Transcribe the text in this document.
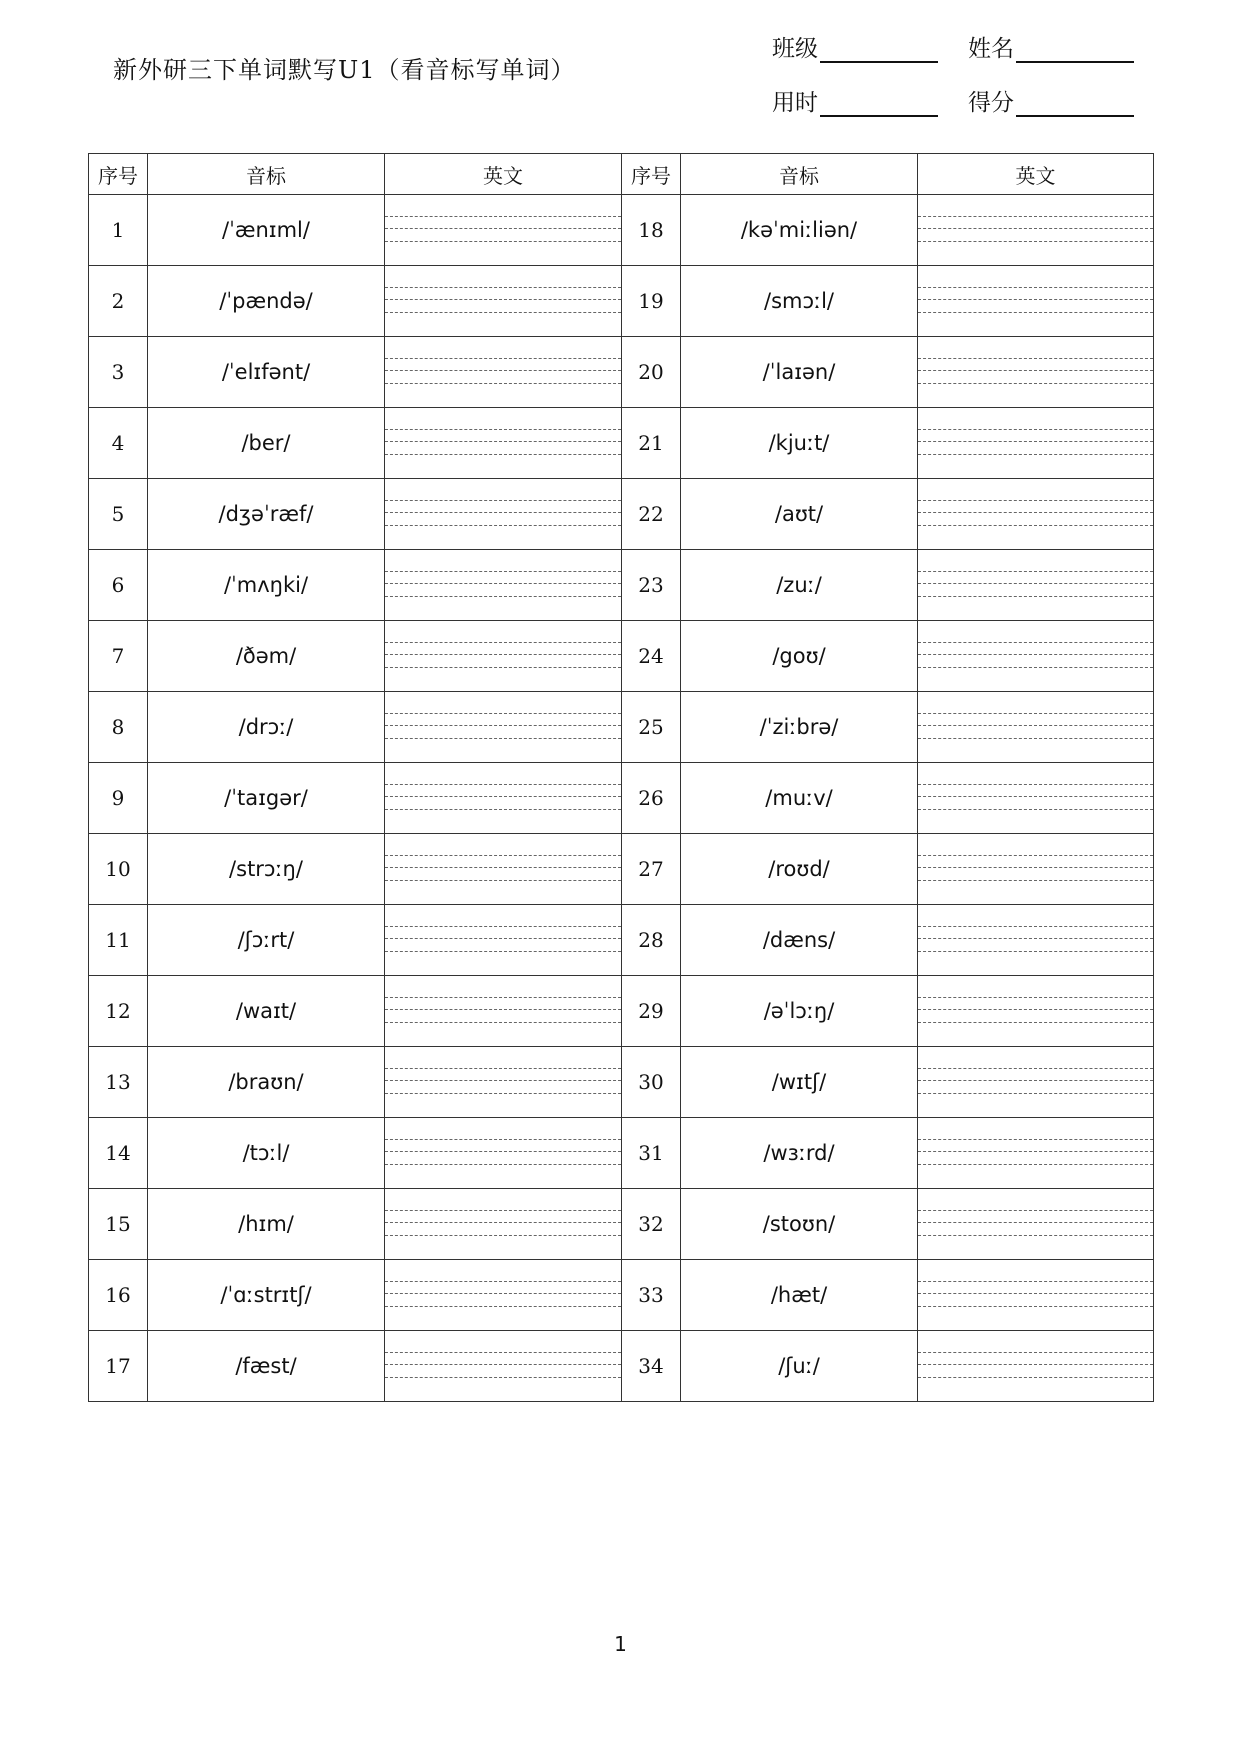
新外研三下单词默写U1（看音标写单词）
班级	姓名
用时	得分
序号	音标	英文	序号	音标	英文
1	/ˈænɪml/		18	/kəˈmiːliən/	

2	/ˈpændə/		19	/smɔːl/	

3	/ˈelɪfənt/		20	/ˈlaɪən/	

4	/ber/		21	/kjuːt/	

5	/dʒəˈræf/		22	/aʊt/	

6	/ˈmʌŋki/		23	/zuː/	

7	/ðəm/		24	/goʊ/	

8	/drɔː/		25	/ˈziːbrə/	

9	/ˈtaɪgər/		26	/muːv/	

10	/strɔːŋ/		27	/roʊd/	

11	/ʃɔːrt/		28	/dæns/	

12	/waɪt/		29	/əˈlɔːŋ/	

13	/braʊn/		30	/wɪtʃ/	

14	/tɔːl/		31	/wɜːrd/	

15	/hɪm/		32	/stoʊn/	

16	/ˈɑːstrɪtʃ/		33	/hæt/	

17	/fæst/		34	/ʃuː/	
1
